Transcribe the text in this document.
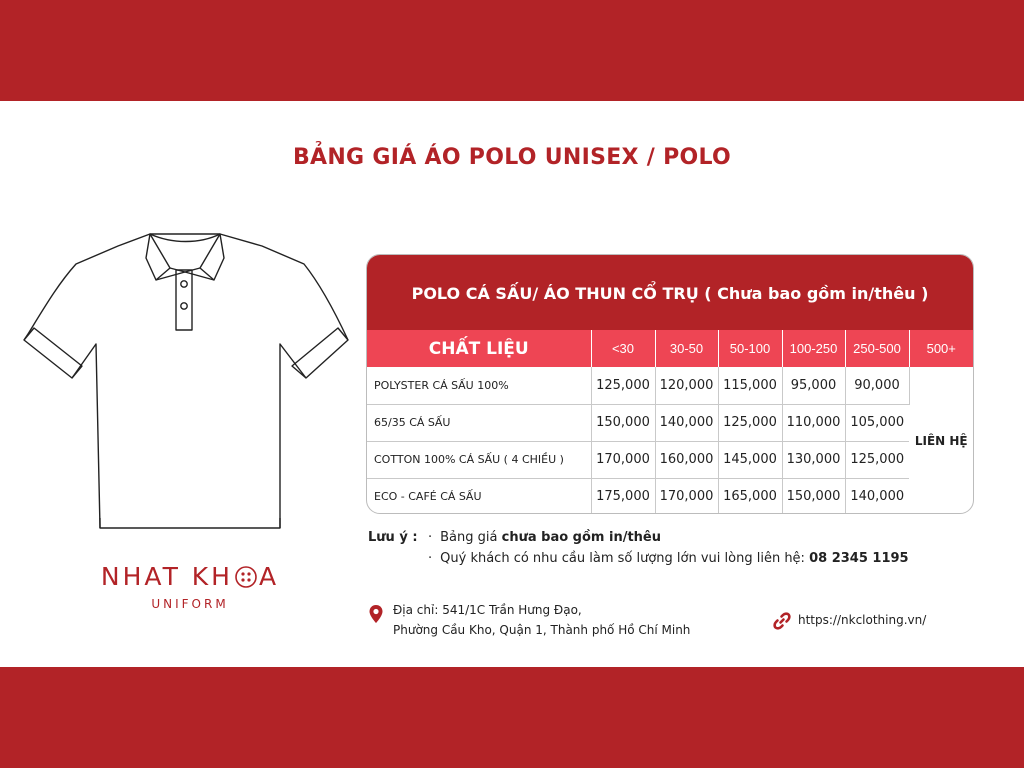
BẢNG GIÁ ÁO POLO UNISEX / POLO
NHAT KH A
UNIFORM
POLO CÁ SẤU/ ÁO THUN CỔ TRỤ ( Chưa bao gồm in/thêu )
CHẤT LIỆU	<30	30-50	50-100	100-250	250-500	500+
POLYSTER CÁ SẤU 100%	125,000	120,000	115,000	95,000	90,000	LIÊN HỆ
65/35 CÁ SẤU	150,000	140,000	125,000	110,000	105,000	
COTTON 100% CÁ SẤU ( 4 CHIỀU )	170,000	160,000	145,000	130,000	125,000	
ECO - CAFÉ CÁ SẤU	175,000	170,000	165,000	150,000	140,000	
Lưu ý : · Bảng giá chưa bao gồm in/thêu
· Quý khách có nhu cầu làm số lượng lớn vui lòng liên hệ: 08 2345 1195
Địa chỉ: 541/1C Trần Hưng Đạo,
Phường Cầu Kho, Quận 1, Thành phố Hồ Chí Minh
https://nkclothing.vn/
